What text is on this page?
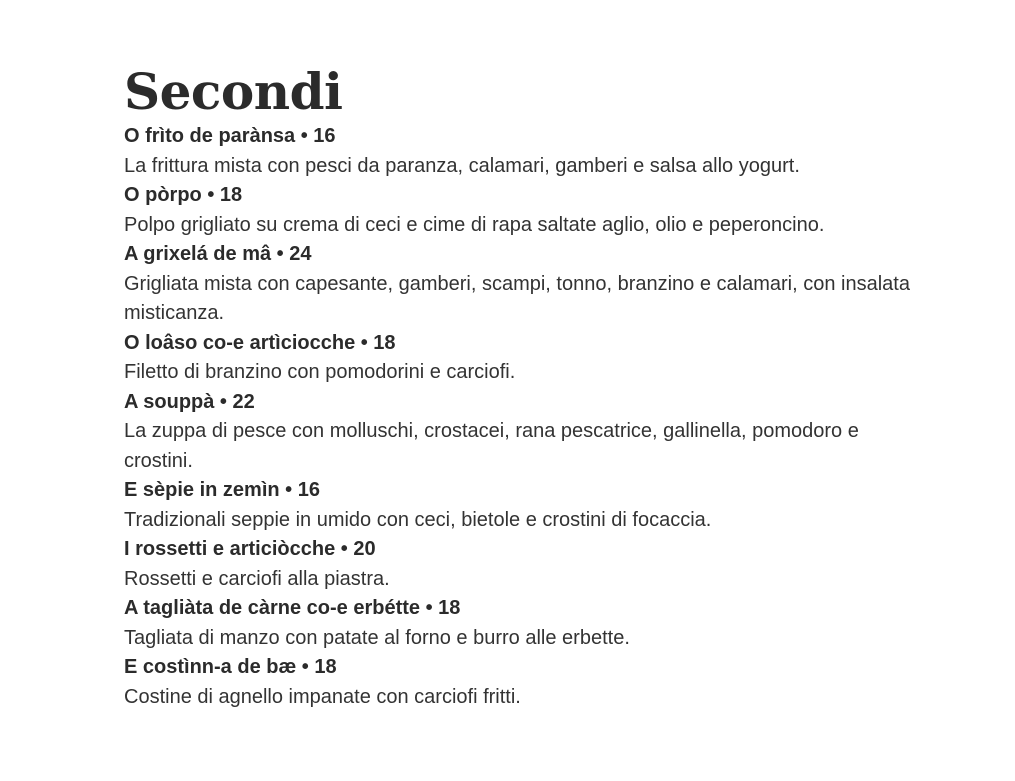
Secondi

O frìto de parànsa • 16

La frittura mista con pesci da paranza, calamari, gamberi e salsa allo yogurt.

O pòrpo • 18

Polpo grigliato su crema di ceci e cime di rapa saltate aglio, olio e peperoncino.

A grixelá de mâ • 24

Grigliata mista con capesante, gamberi, scampi, tonno, branzino e calamari, con insalata misticanza.

O loâso co-e artìciocche • 18

Filetto di branzino con pomodorini e carciofi.

A souppà • 22

La zuppa di pesce con molluschi, crostacei, rana pescatrice, gallinella, pomodoro e crostini.

E sèpie in zemìn • 16

Tradizionali seppie in umido con ceci, bietole e crostini di focaccia.

I rossetti e articiòcche • 20

Rossetti e carciofi alla piastra.

A tagliàta de càrne co-e erbétte • 18

Tagliata di manzo con patate al forno e burro alle erbette.

E costìnn-a de bæ • 18

Costine di agnello impanate con carciofi fritti.
